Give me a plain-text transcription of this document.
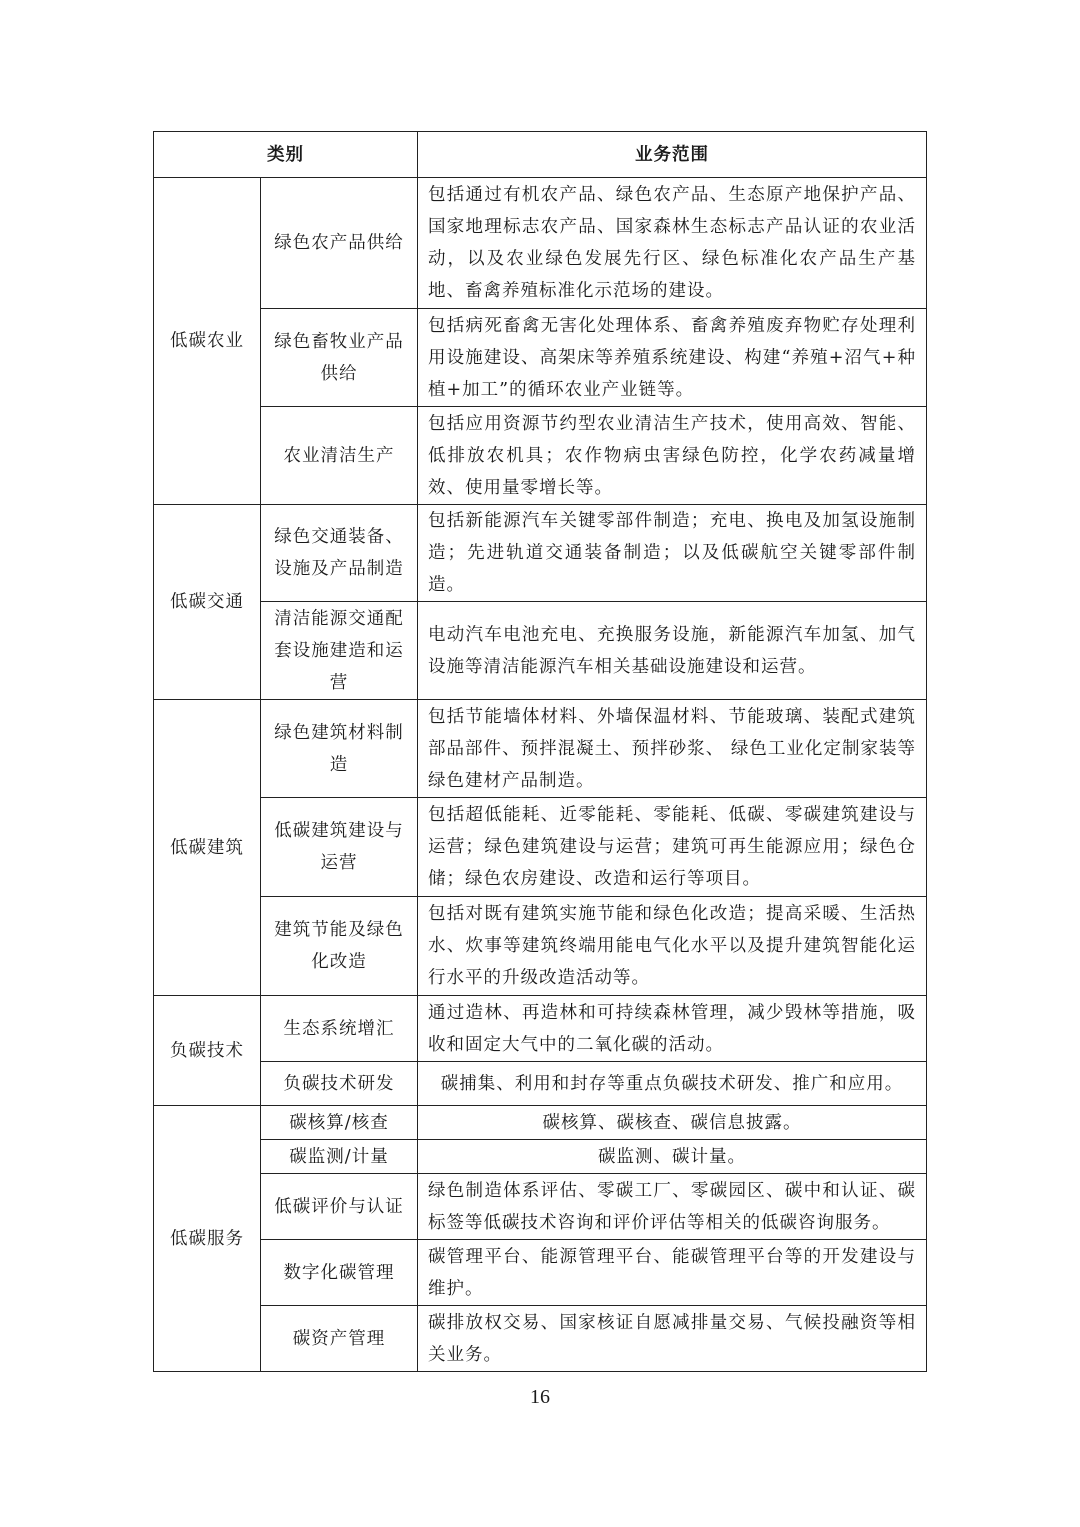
类别		业务范围
低碳农业	绿色农产品供给	包括通过有机农产品、绿色农产品、生态原产地保护产品、国家地理标志农产品、国家森林生态标志产品认证的农业活动，以及农业绿色发展先行区、绿色标准化农产品生产基地、畜禽养殖标准化示范场的建设。
	绿色畜牧业产品供给	包括病死畜禽无害化处理体系、畜禽养殖废弃物贮存处理利用设施建设、高架床等养殖系统建设、构建“养殖+沼气+种植+加工”的循环农业产业链等。
	农业清洁生产	包括应用资源节约型农业清洁生产技术，使用高效、智能、低排放农机具；农作物病虫害绿色防控，化学农药减量增效、使用量零增长等。
低碳交通	绿色交通装备、设施及产品制造	包括新能源汽车关键零部件制造；充电、换电及加氢设施制造；先进轨道交通装备制造；以及低碳航空关键零部件制造。
	清洁能源交通配套设施建造和运营	电动汽车电池充电、充换服务设施，新能源汽车加氢、加气设施等清洁能源汽车相关基础设施建设和运营。
低碳建筑	绿色建筑材料制造	包括节能墙体材料、外墙保温材料、节能玻璃、装配式建筑部品部件、预拌混凝土、预拌砂浆、 绿色工业化定制家装等绿色建材产品制造。
	低碳建筑建设与运营	包括超低能耗、近零能耗、零能耗、低碳、零碳建筑建设与运营；绿色建筑建设与运营；建筑可再生能源应用；绿色仓储；绿色农房建设、改造和运行等项目。
	建筑节能及绿色化改造	包括对既有建筑实施节能和绿色化改造；提高采暖、生活热水、炊事等建筑终端用能电气化水平以及提升建筑智能化运行水平的升级改造活动等。
负碳技术	生态系统增汇	通过造林、再造林和可持续森林管理，减少毁林等措施，吸收和固定大气中的二氧化碳的活动。
	负碳技术研发	碳捕集、利用和封存等重点负碳技术研发、推广和应用。
低碳服务	碳核算/核查	碳核算、碳核查、碳信息披露。
	碳监测/计量	碳监测、碳计量。
	低碳评价与认证	绿色制造体系评估、零碳工厂、零碳园区、碳中和认证、碳标签等低碳技术咨询和评价评估等相关的低碳咨询服务。
	数字化碳管理	碳管理平台、能源管理平台、能碳管理平台等的开发建设与维护。
	碳资产管理	碳排放权交易、国家核证自愿减排量交易、气候投融资等相关业务。
16
